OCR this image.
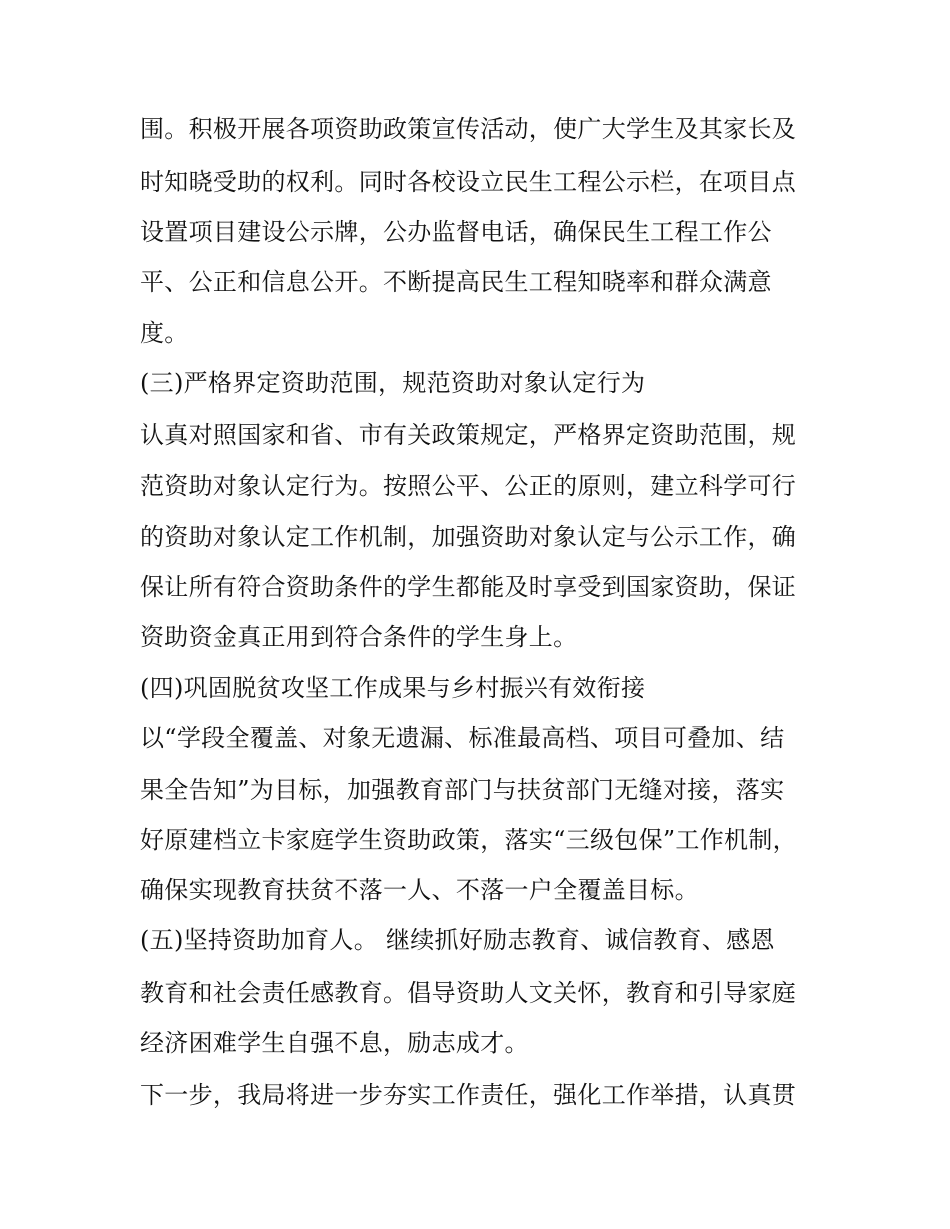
围。积极开展各项资助政策宣传活动，使广大学生及其家长及
时知晓受助的权利。同时各校设立民生工程公示栏，在项目点
设置项目建设公示牌，公办监督电话，确保民生工程工作公
平、公正和信息公开。不断提高民生工程知晓率和群众满意
度。
(三)严格界定资助范围，规范资助对象认定行为
认真对照国家和省、市有关政策规定，严格界定资助范围，规
范资助对象认定行为。按照公平、公正的原则，建立科学可行
的资助对象认定工作机制，加强资助对象认定与公示工作，确
保让所有符合资助条件的学生都能及时享受到国家资助，保证
资助资金真正用到符合条件的学生身上。
(四)巩固脱贫攻坚工作成果与乡村振兴有效衔接
以“学段全覆盖、对象无遗漏、标准最高档、项目可叠加、结
果全告知”为目标，加强教育部门与扶贫部门无缝对接，落实
好原建档立卡家庭学生资助政策，落实“三级包保”工作机制，
确保实现教育扶贫不落一人、不落一户全覆盖目标。
(五)坚持资助加育人。 继续抓好励志教育、诚信教育、感恩
教育和社会责任感教育。倡导资助人文关怀，教育和引导家庭
经济困难学生自强不息，励志成才。
下一步，我局将进一步夯实工作责任，强化工作举措，认真贯
